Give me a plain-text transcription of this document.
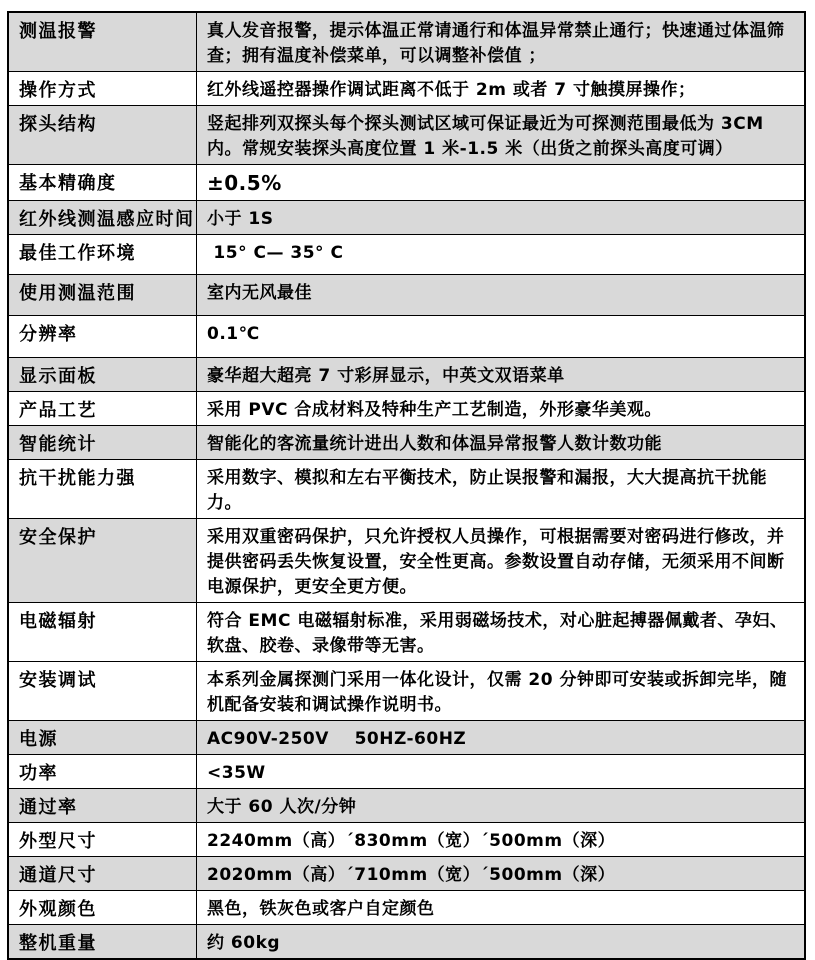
测温报警	真人发音报警，提示体温正常请通行和体温异常禁止通行；快速通过体温筛查；拥有温度补偿菜单，可以调整补偿值 ；
操作方式	红外线遥控器操作调试距离不低于 2m 或者 7 寸触摸屏操作；
探头结构	竖起排列双探头每个探头测试区域可保证最近为可探测范围最低为 3CM 内。常规安装探头高度位置 1 米-1.5 米（出货之前探头高度可调）
基本精确度	±0.5%
红外线测温感应时间 小于 1S
最佳工作环境	15° C— 35° C
使用测温范围	室内无风最佳
分辨率	0.1℃
显示面板	豪华超大超亮 7 寸彩屏显示，中英文双语菜单
产品工艺	采用 PVC 合成材料及特种生产工艺制造，外形豪华美观。
智能统计	智能化的客流量统计进出人数和体温异常报警人数计数功能
抗干扰能力强	采用数字、模拟和左右平衡技术，防止误报警和漏报，大大提高抗干扰能力。
安全保护	采用双重密码保护，只允许授权人员操作，可根据需要对密码进行修改，并提供密码丢失恢复设置，安全性更高。参数设置自动存储，无须采用不间断电源保护，更安全更方便。
电磁辐射	符合 EMC 电磁辐射标准，采用弱磁场技术，对心脏起搏器佩戴者、孕妇、软盘、胶卷、录像带等无害。
安装调试	本系列金属探测门采用一体化设计，仅需 20 分钟即可安装或拆卸完毕，随机配备安装和调试操作说明书。
电源	AC90V-250V    50HZ-60HZ
功率	<35W
通过率	大于 60 人次/分钟
外型尺寸	2240mm（高）´830mm（宽）´500mm（深）
通道尺寸	2020mm（高）´710mm（宽）´500mm（深）
外观颜色	黑色，铁灰色或客户自定颜色
整机重量	约 60kg
